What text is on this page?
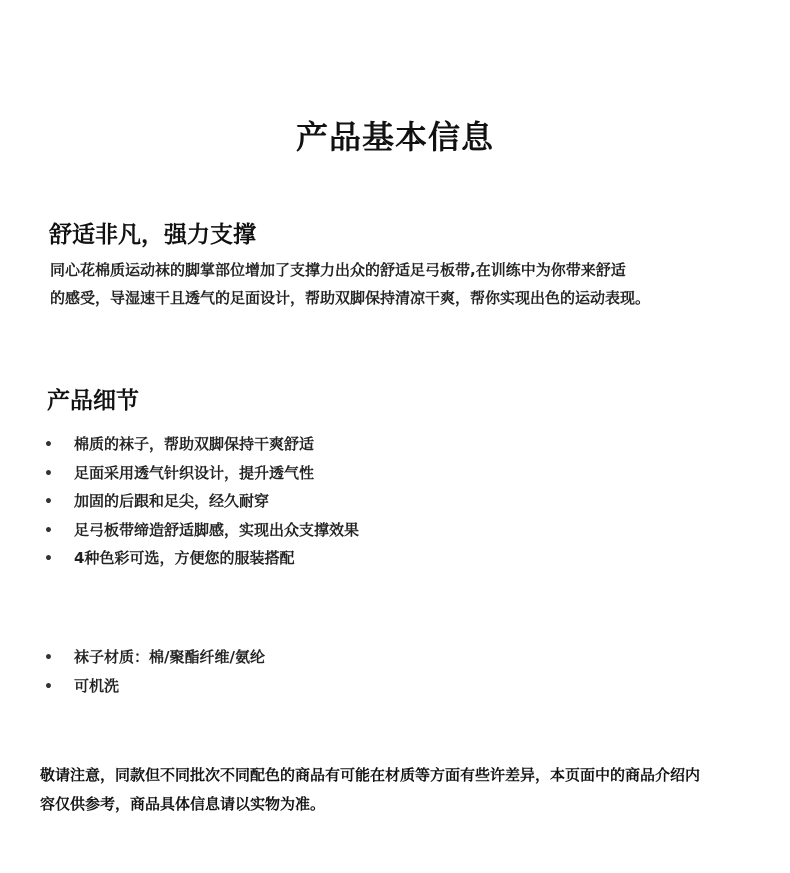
产品基本信息
舒适非凡，强力支撑

同心花棉质运动袜的脚掌部位增加了支撑力出众的舒适足弓板带,在训练中为你带来舒适
的感受，导湿速干且透气的足面设计，帮助双脚保持清凉干爽，帮你实现出色的运动表现。

产品细节
• 棉质的袜子，帮助双脚保持干爽舒适
• 足面采用透气针织设计，提升透气性
• 加固的后跟和足尖，经久耐穿
• 足弓板带缔造舒适脚感，实现出众支撑效果
• 4种色彩可选，方便您的服装搭配
• 袜子材质：棉/聚酯纤维/氨纶
• 可机洗

敬请注意，同款但不同批次不同配色的商品有可能在材质等方面有些许差异，本页面中的商品介绍内
容仅供参考，商品具体信息请以实物为准。
